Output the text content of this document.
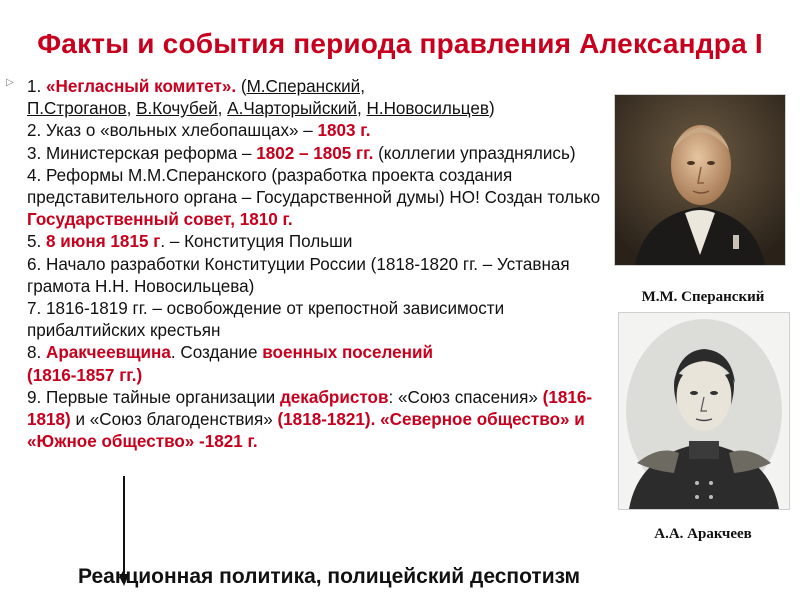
Факты и события периода правления Александра I
▷ 1. «Негласный комитет». (М.Сперанский,
П.Строганов, В.Кочубей, А.Чарторыйский, Н.Новосильцев)

2. Указ о «вольных хлебопашцах» – 1803 г.

3. Министерская реформа – 1802 – 1805 гг. (коллегии упразднялись)

4. Реформы М.М.Сперанского (разработка проекта создания представительного органа – Государственной думы) НО! Создан только Государственный совет, 1810 г.

5. 8 июня 1815 г. – Конституция Польши

6. Начало разработки Конституции России (1818-1820 гг. – Уставная грамота Н.Н. Новосильцева)

7. 1816-1819 гг. – освобождение от крепостной зависимости прибалтийских крестьян

8. Аракчеевщина. Создание военных поселений
(1816-1857 гг.)

9. Первые тайные организации декабристов: «Союз спасения» (1816-1818) и «Союз благоденствия» (1818-1821). «Северное общество» и «Южное общество» -1821 г.

М.М. Сперанский
А.А. Аракчеев
Реакционная политика, полицейский деспотизм
